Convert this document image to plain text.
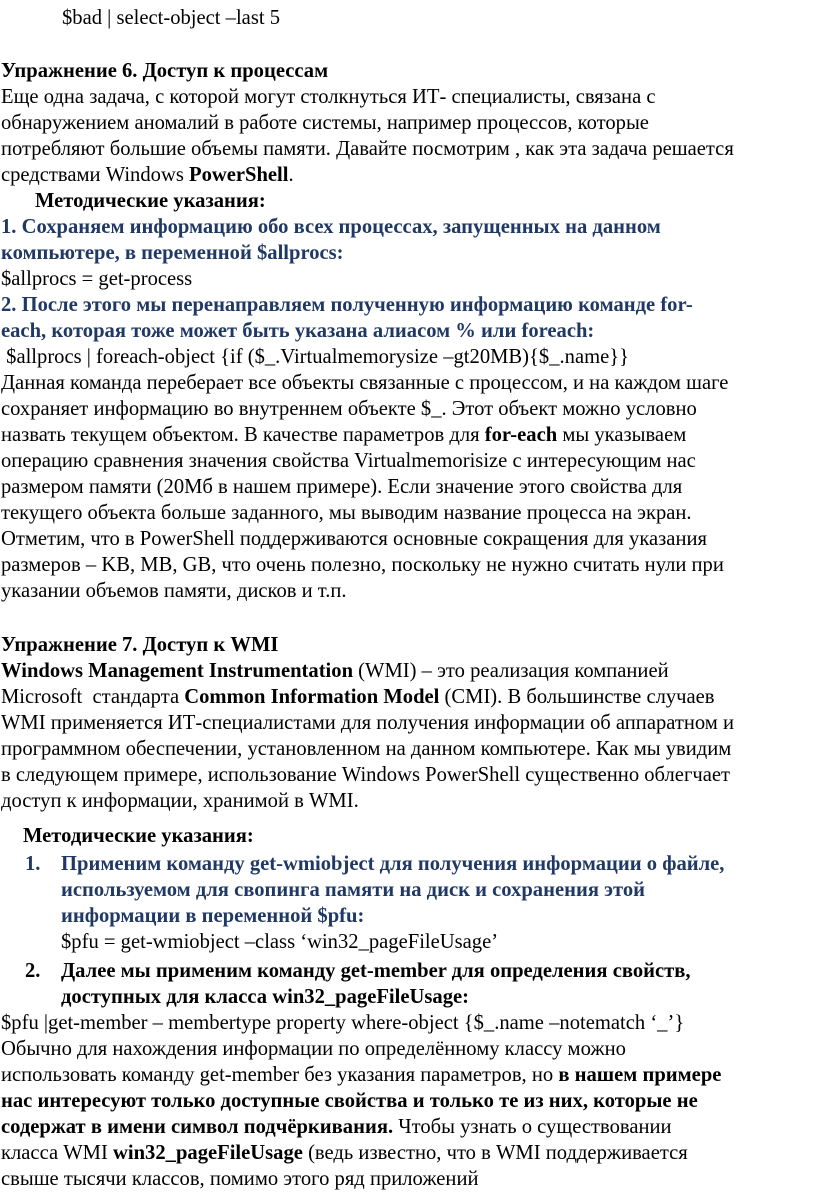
$bad | select-object –last 5
Упражнение 6. Доступ к процессам
Еще одна задача, с которой могут столкнуться ИТ- специалисты, связана с
обнаружением аномалий в работе системы, например процессов, которые
потребляют большие объемы памяти. Давайте посмотрим , как эта задача решается
средствами Windows PowerShell.
Методические указания:
1. Сохраняем информацию обо всех процессах, запущенных на данном
компьютере, в переменной $allprocs:
$allprocs = get-process
2. После этого мы перенаправляем полученную информацию команде for-
each, которая тоже может быть указана алиасом % или foreach:
$allprocs | foreach-object {if ($_.Virtualmemorysize –gt20MB){$_.name}}
Данная команда переберает все объекты связанные с процессом, и на каждом шаге
сохраняет информацию во внутреннем объекте $_. Этот объект можно условно
назвать текущем объектом. В качестве параметров для for-each мы указываем
операцию сравнения значения свойства Virtualmemorisize с интересующим нас
размером памяти (20Мб в нашем примере). Если значение этого свойства для
текущего объекта больше заданного, мы выводим название процесса на экран.
Отметим, что в PowerShell поддерживаются основные сокращения для указания
размеров – KB, MB, GB, что очень полезно, поскольку не нужно считать нули при
указании объемов памяти, дисков и т.п.
Упражнение 7. Доступ к WMI
Windows Management Instrumentation (WMI) – это реализация компанией
Microsoft  стандарта Common Information Model (CMI). В большинстве случаев
WMI применяется ИТ-специалистами для получения информации об аппаратном и
программном обеспечении, установленном на данном компьютере. Как мы увидим
в следующем примере, использование Windows PowerShell существенно облегчает
доступ к информации, хранимой в WMI.
Методические указания:
1. Применим команду get-wmiobject для получения информации о файле,
используемом для свопинга памяти на диск и сохранения этой
информации в переменной $pfu:
$pfu = get-wmiobject –class ‘win32_pageFileUsage’
2. Далее мы применим команду get-member для определения свойств,
доступных для класса win32_pageFileUsage:
$pfu |get-member – membertype property where-object {$_.name –notematch ‘_’}
Обычно для нахождения информации по определённому классу можно
использовать команду get-member без указания параметров, но в нашем примере
нас интересуют только доступные свойства и только те из них, которые не
содержат в имени символ подчёркивания. Чтобы узнать о существовании
класса WMI win32_pageFileUsage (ведь известно, что в WMI поддерживается
свыше тысячи классов, помимо этого ряд приложений
